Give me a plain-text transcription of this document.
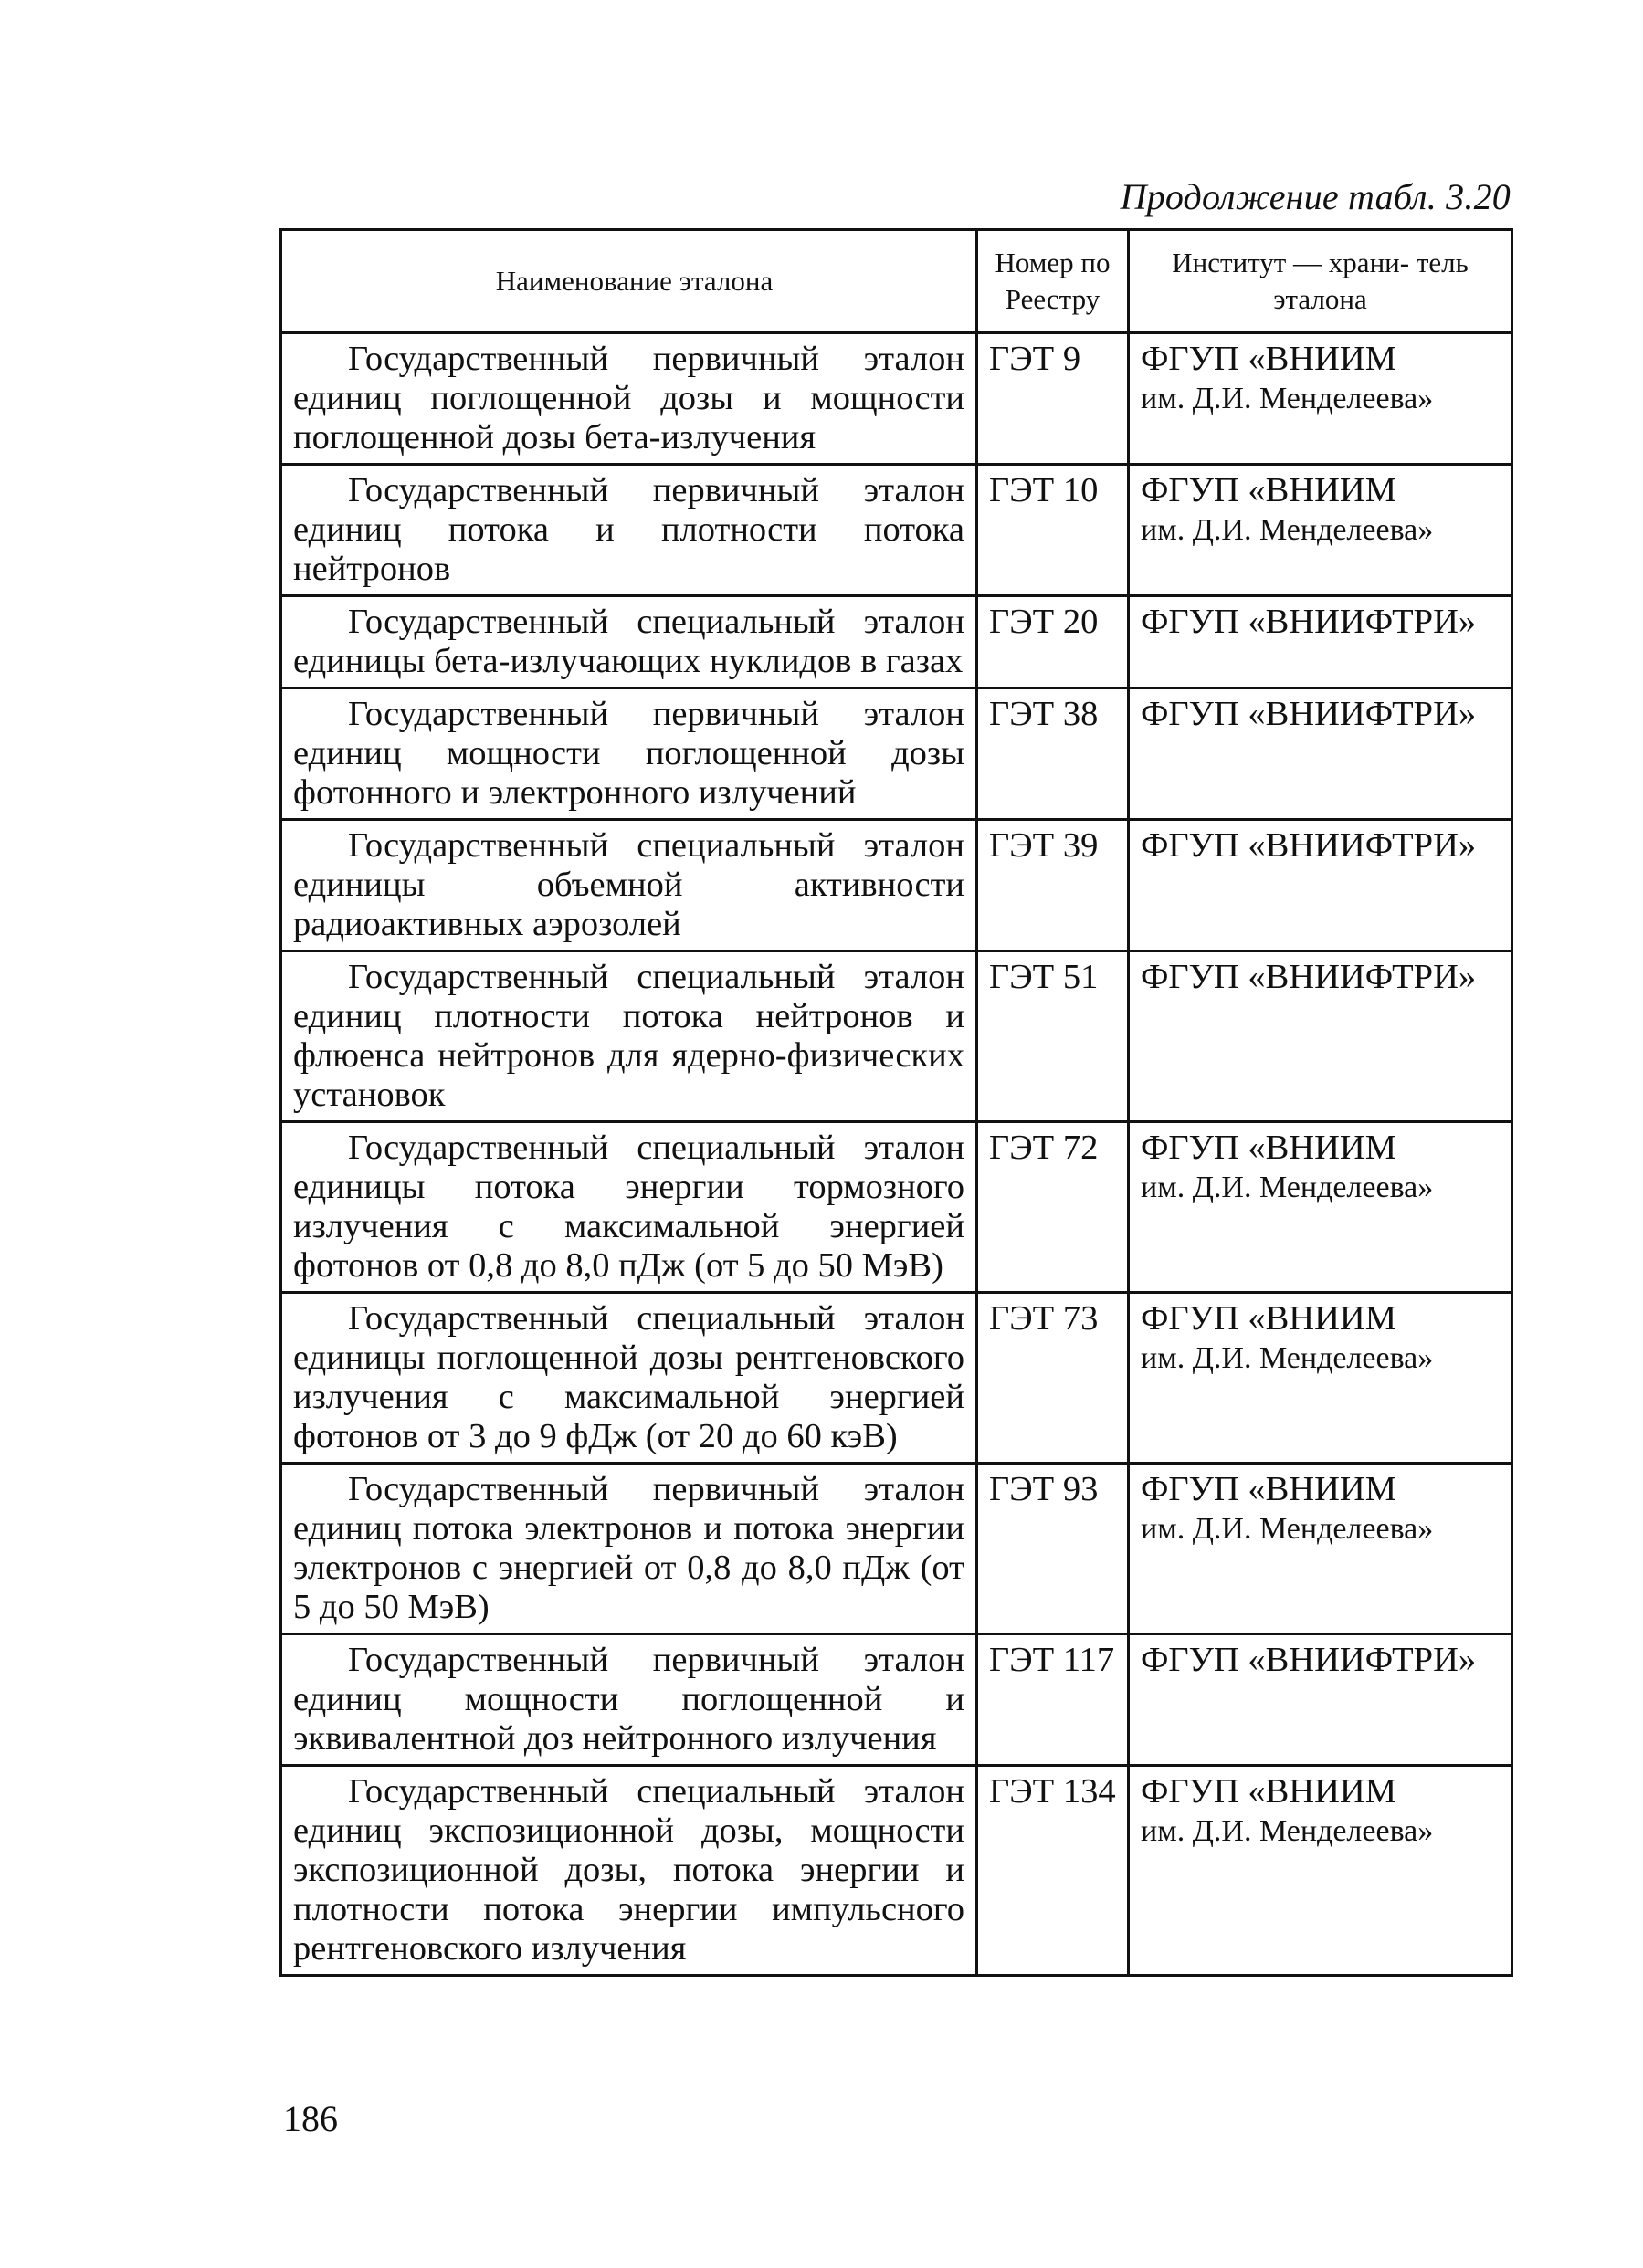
Продолжение табл. 3.20
Наименование эталона	Номер по Реестру	Институт — храни- тель эталона
Государственный первичный эталон единиц поглощенной дозы и мощности поглощенной дозы бета-излучения	ГЭТ 9	ФГУП «ВНИИМ
им. Д.И. Менделеева»

Государственный первичный эталон единиц потока и плотности потока нейтронов	ГЭТ 10	ФГУП «ВНИИМ
им. Д.И. Менделеева»

Государственный специальный эталон единицы бета-излучающих нуклидов в газах	ГЭТ 20	ФГУП «ВНИИФТРИ»

Государственный первичный эталон единиц мощности поглощенной дозы фотонного и электронного излучений	ГЭТ 38	ФГУП «ВНИИФТРИ»

Государственный специальный эталон единицы объемной активности радиоактивных аэрозолей	ГЭТ 39	ФГУП «ВНИИФТРИ»

Государственный специальный эталон единиц плотности потока нейтронов и флюенса нейтронов для ядерно-физических установок	ГЭТ 51	ФГУП «ВНИИФТРИ»

Государственный специальный эталон единицы потока энергии тормозного излучения с максимальной энергией фотонов от 0,8 до 8,0 пДж (от 5 до 50 МэВ)	ГЭТ 72	ФГУП «ВНИИМ
им. Д.И. Менделеева»

Государственный специальный эталон единицы поглощенной дозы рентгеновского излучения с максимальной энергией фотонов от 3 до 9 фДж (от 20 до 60 кэВ)	ГЭТ 73	ФГУП «ВНИИМ
им. Д.И. Менделеева»

Государственный первичный эталон единиц потока электронов и потока энергии электронов с энергией от 0,8 до 8,0 пДж (от 5 до 50 МэВ)	ГЭТ 93	ФГУП «ВНИИМ
им. Д.И. Менделеева»

Государственный первичный эталон единиц мощности поглощенной и эквивалентной доз нейтронного излучения	ГЭТ 117	ФГУП «ВНИИФТРИ»

Государственный специальный эталон единиц экспозиционной дозы, мощности экспозиционной дозы, потока энергии и плотности потока энергии импульсного рентгеновского излучения	ГЭТ 134	ФГУП «ВНИИМ
им. Д.И. Менделеева»
186
